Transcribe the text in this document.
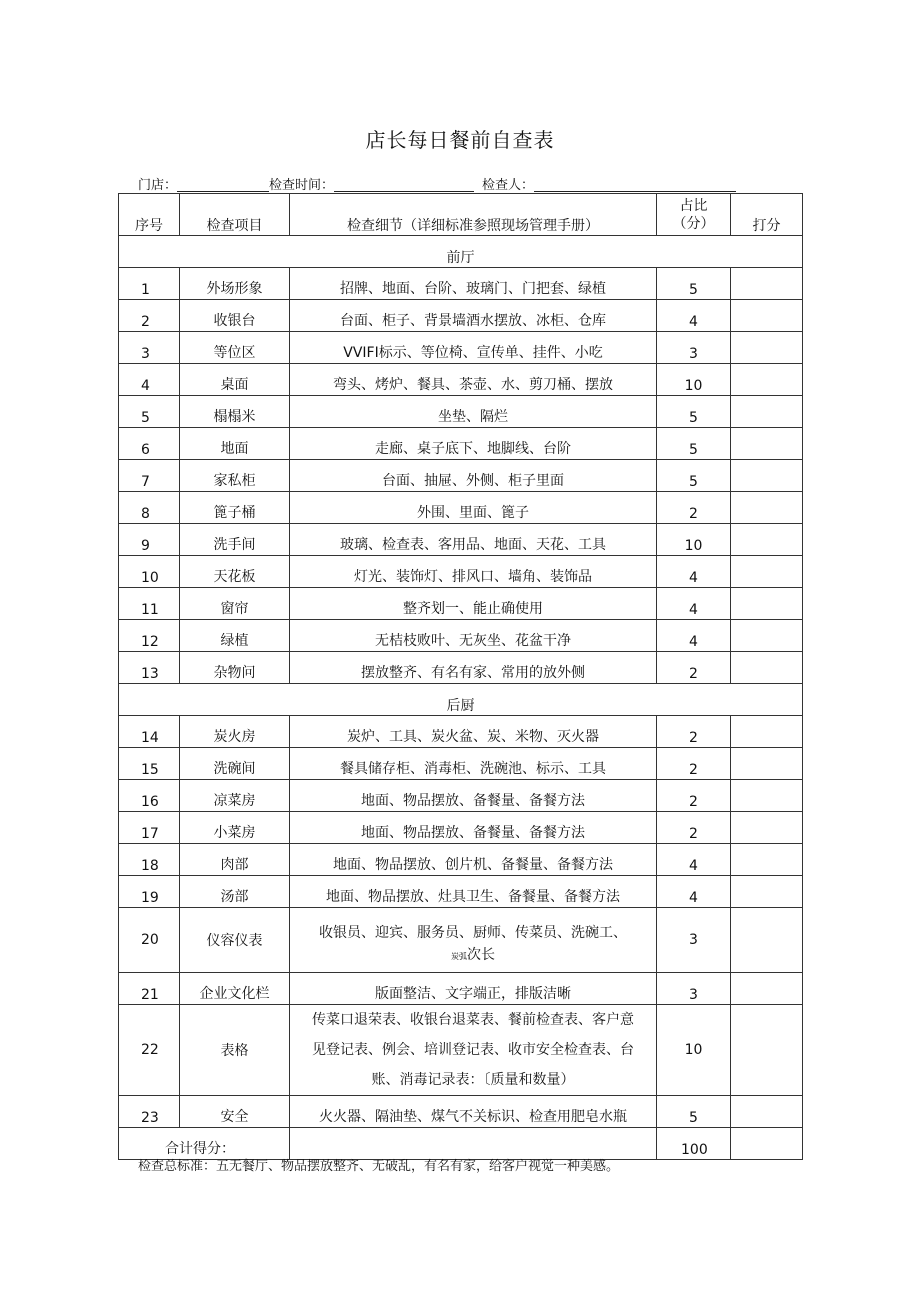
店长每日餐前自查表
门店：	检查时间：	检查人：
序号	检查项目	检查细节（详细标准参照现场管理手册）	占比
（分）	打分
前厅				
1	外场形象	招牌、地面、台阶、玻璃门、门把套、绿植	5	
2	收银台	台面、柜子、背景墙酒水摆放、冰柜、仓库	4	
3	等位区	VVIFI标示、等位椅、宣传单、挂件、小吃	3	
4	桌面	弯头、烤炉、餐具、茶壶、水、剪刀桶、摆放	10	
5	榻榻米	坐垫、隔烂	5	
6	地面	走廊、桌子底下、地脚线、台阶	5	
7	家私柜	台面、抽屉、外侧、柜子里面	5	
8	篦子桶	外围、里面、篦子	2	
9	洗手间	玻璃、检查表、客用品、地面、天花、工具	10	
10	天花板	灯光、装饰灯、排风口、墙角、装饰品	4	
11	窗帘	整齐划一、能止确使用	4	
12	绿植	无桔枝败叶、无灰坐、花盆干净	4	
13	杂物问	摆放整齐、有名有家、常用的放外侧	2	
后厨				
14	炭火房	炭炉、工具、炭火盆、炭、米物、灭火器	2	
15	洗碗间	餐具储存柜、消毒柜、洗碗池、标示、工具	2	
16	凉菜房	地面、物品摆放、备餐量、备餐方法	2	
17	小菜房	地面、物品摆放、备餐量、备餐方法	2	
18	肉部	地面、物品摆放、创片机、备餐量、备餐方法	4	
19	汤部	地面、物品摆放、灶具卫生、备餐量、备餐方法	4	
20	仪容仪表	收银员、迎宾、服务员、厨师、传菜员、洗碗工、
炭弧次长	3	
21	企业文化栏	版面整洁、文字端正，排版洁晰	3	
22	表格	传菜口退荣表、收银台退菜表、餐前检查表、客户意
见登记表、例会、培训登记表、收市安全检查表、台
账、消毒记录表：〔质量和数量）	10	
23	安全	火火器、隔油垫、煤气不关标识、检查用肥皂水瓶	5	
合计得分：			100	
检查总标准：五无餐厅、物品摆放整齐、无破乱，有名有家，给客户视觉一种美感。
